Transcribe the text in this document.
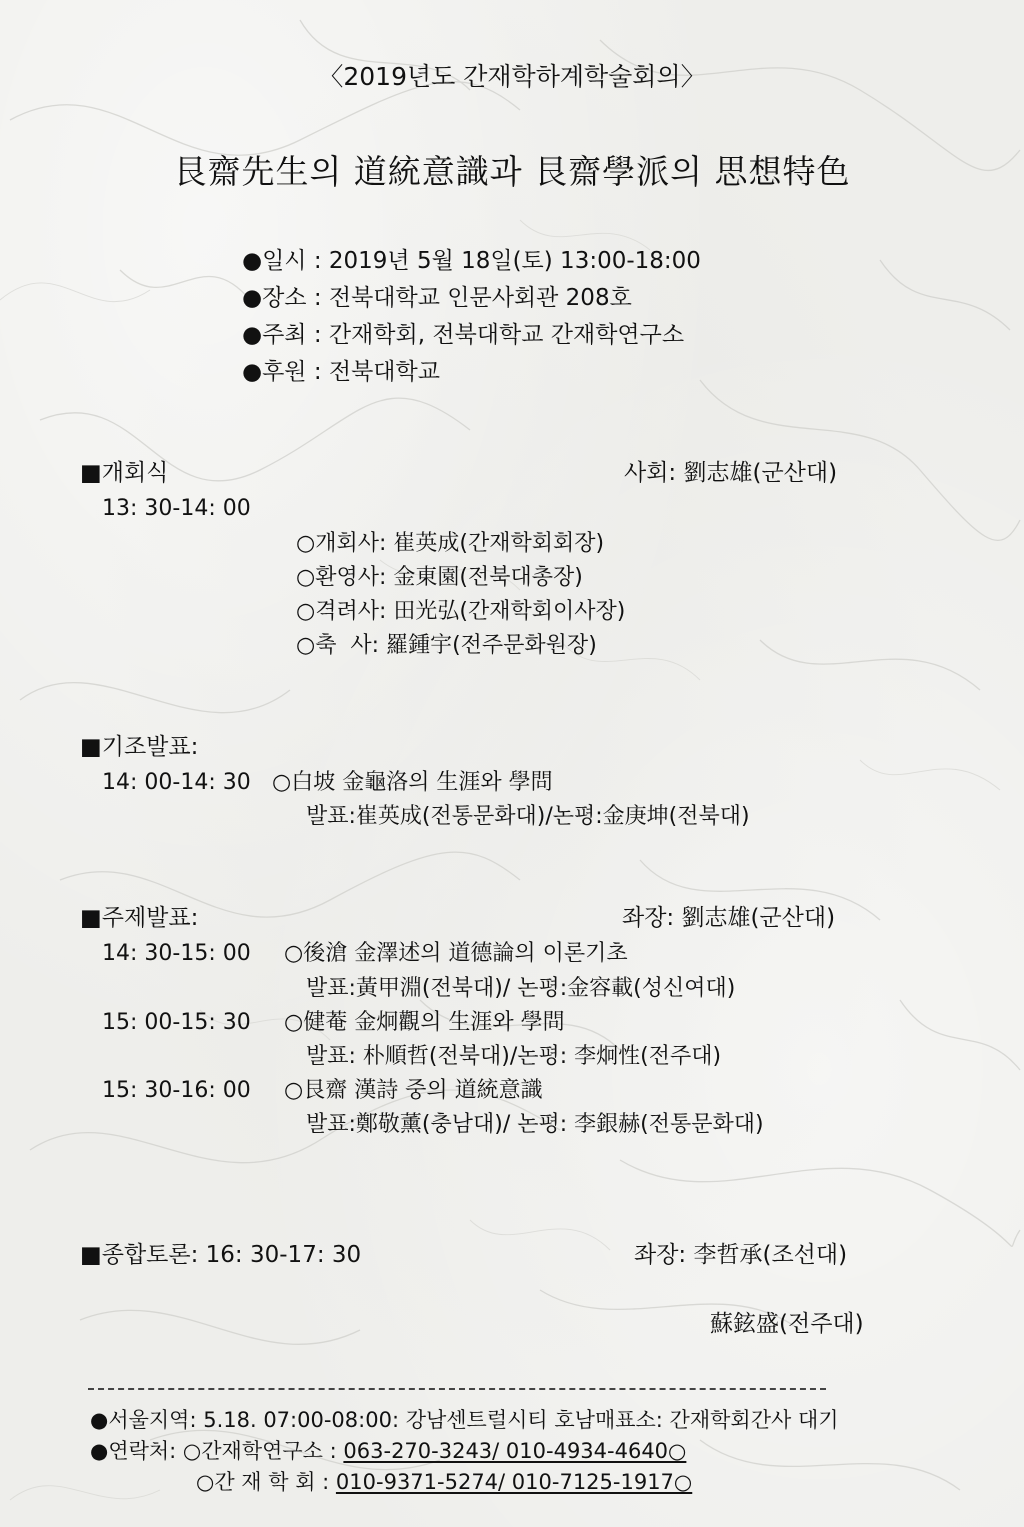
〈2019년도 간재학하계학술회의〉
艮齋先生의 道統意識과 艮齋學派의 思想特色
●일시 : 2019년 5월 18일(토) 13:00-18:00
●장소 : 전북대학교 인문사회관 208호
●주최 : 간재학회, 전북대학교 간재학연구소
●후원 : 전북대학교
■개회식	사회: 劉志雄(군산대)
13: 30-14: 00
○개회사: 崔英成(간재학회회장)
○환영사: 金東園(전북대총장)
○격려사: 田光弘(간재학회이사장)
○축  사: 羅鍾宇(전주문화원장)
■기조발표:
14: 00-14: 30 ○白坡 金龜洛의 生涯와 學問
발표:崔英成(전통문화대)/논평:金庚坤(전북대)
■주제발표:	좌장: 劉志雄(군산대)
14: 30-15: 00 ○後滄 金澤述의 道德論의 이론기초
발표:黃甲淵(전북대)/ 논평:金容載(성신여대)
15: 00-15: 30 ○健菴 金炯觀의 生涯와 學問
발표: 朴順哲(전북대)/논평: 李炯性(전주대)
15: 30-16: 00 ○艮齋 漢詩 중의 道統意識
발표:鄭敬薰(충남대)/ 논평: 李銀赫(전통문화대)
■종합토론: 16: 30-17: 30	좌장: 李哲承(조선대)
蘇鉉盛(전주대)
●서울지역: 5.18. 07:00-08:00: 강남센트럴시티 호남매표소: 간재학회간사 대기
●연락처: ○간재학연구소 : 063-270-3243/ 010-4934-4640○
○간 재 학 회 : 010-9371-5274/ 010-7125-1917○
